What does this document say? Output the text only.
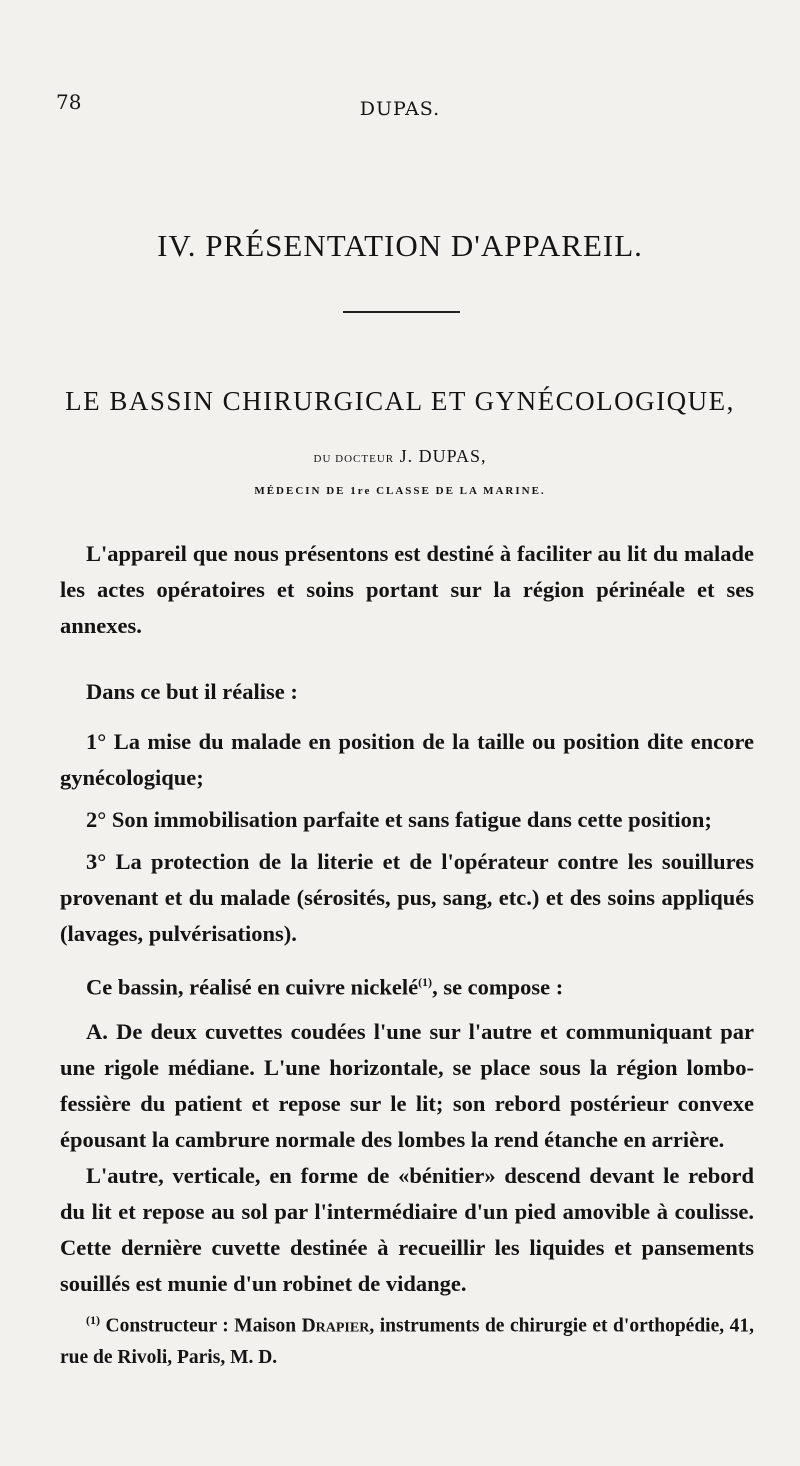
78	DUPAS.
IV. PRÉSENTATION D'APPAREIL.
LE BASSIN CHIRURGICAL ET GYNÉCOLOGIQUE,
DU DOCTEUR J. DUPAS,
MÉDECIN DE 1re CLASSE DE LA MARINE.

L'appareil que nous présentons est destiné à faciliter au lit du malade les actes opératoires et soins portant sur la région périnéale et ses annexes.

Dans ce but il réalise :

1° La mise du malade en position de la taille ou position dite encore gynécologique;

2° Son immobilisation parfaite et sans fatigue dans cette position;

3° La protection de la literie et de l'opérateur contre les souillures provenant et du malade (sérosités, pus, sang, etc.) et des soins appliqués (lavages, pulvérisations).

Ce bassin, réalisé en cuivre nickelé$^{(1)}$, se compose :

A. De deux cuvettes coudées l'une sur l'autre et communiquant par une rigole médiane. L'une horizontale, se place sous la région lombo-fessière du patient et repose sur le lit; son rebord postérieur convexe épousant la cambrure normale des lombes la rend étanche en arrière.

L'autre, verticale, en forme de «bénitier» descend devant le rebord du lit et repose au sol par l'intermédiaire d'un pied amovible à coulisse. Cette dernière cuvette destinée à recueillir les liquides et pansements souillés est munie d'un robinet de vidange.

$^{(1)}$ Constructeur : Maison Drapier, instruments de chirurgie et d'orthopédie, 41, rue de Rivoli, Paris, M. D.
